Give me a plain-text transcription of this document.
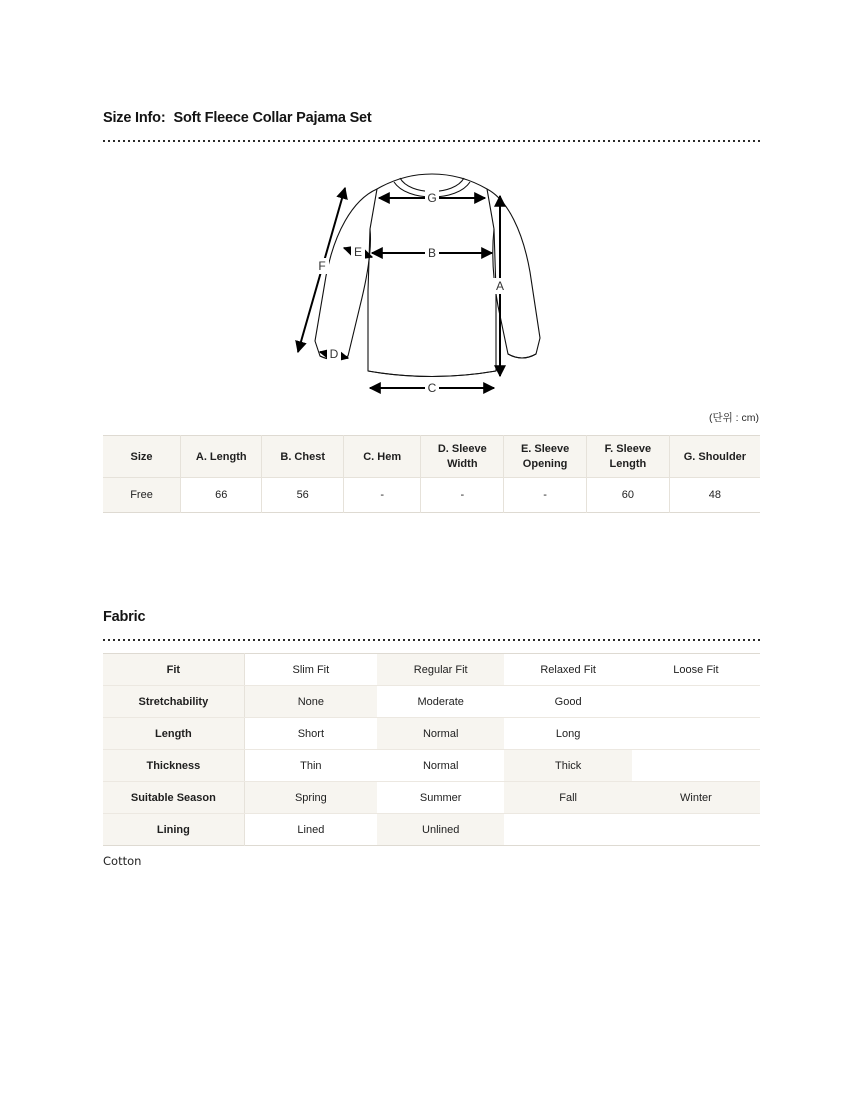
Size Info: Soft Fleece Collar Pajama Set
G
B
C
A
D
E
F
(단위 : cm)
Size	A. Length	B. Chest	C. Hem	D. Sleeve Width	E. Sleeve Opening	F. Sleeve Length	G. Shoulder
Free	66	56	-	-	-	60	48
Fabric
Fit	Slim Fit	Regular Fit	Relaxed Fit	Loose Fit
Stretchability	None	Moderate	Good	
Length	Short	Normal	Long	
Thickness	Thin	Normal	Thick	
Suitable Season	Spring	Summer	Fall	Winter
Lining	Lined	Unlined		
Cotton
